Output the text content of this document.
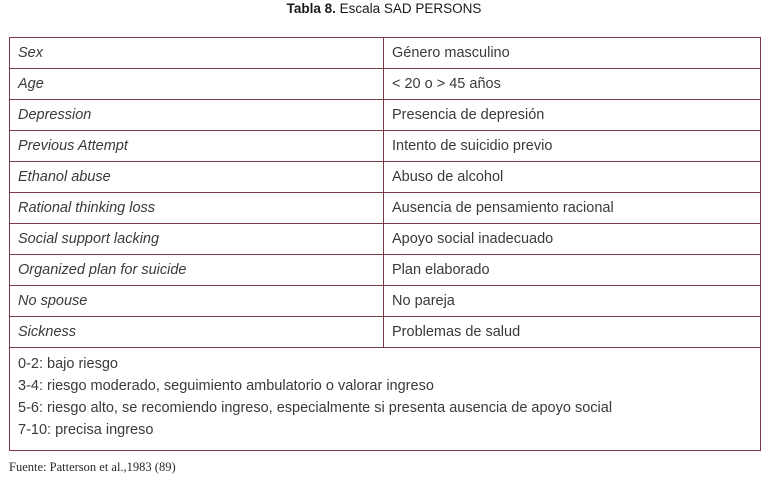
Tabla 8. Escala SAD PERSONS
Sex	Género masculino
Age	< 20 o > 45 años
Depression	Presencia de depresión
Previous Attempt	Intento de suicidio previo
Ethanol abuse	Abuso de alcohol
Rational thinking loss	Ausencia de pensamiento racional
Social support lacking	Apoyo social inadecuado
Organized plan for suicide	Plan elaborado
No spouse	No pareja
Sickness	Problemas de salud

0-2: bajo riesgo
3-4: riesgo moderado, seguimiento ambulatorio o valorar ingreso
5-6: riesgo alto, se recomiendo ingreso, especialmente si presenta ausencia de apoyo social
7-10: precisa ingreso	
Fuente: Patterson et al.,1983 (89)
